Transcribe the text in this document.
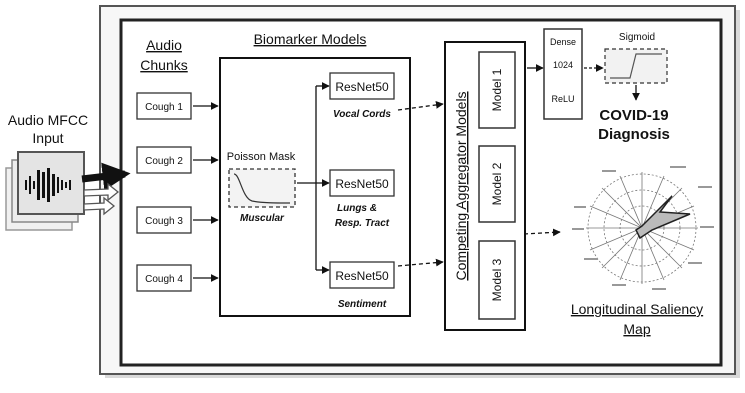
Audio MFCC
Input
Audio
Chunks
Cough 1
Cough 2
Cough 3
Cough 4
Biomarker Models
Poisson Mask
Muscular
ResNet50
Vocal Cords
ResNet50
Lungs &
Resp. Tract
ResNet50
Sentiment
Competing Aggregator Models
Model 1
Model 2
Model 3
Dense
1024
ReLU
Sigmoid
COVID-19
Diagnosis
Longitudinal Saliency
Map
